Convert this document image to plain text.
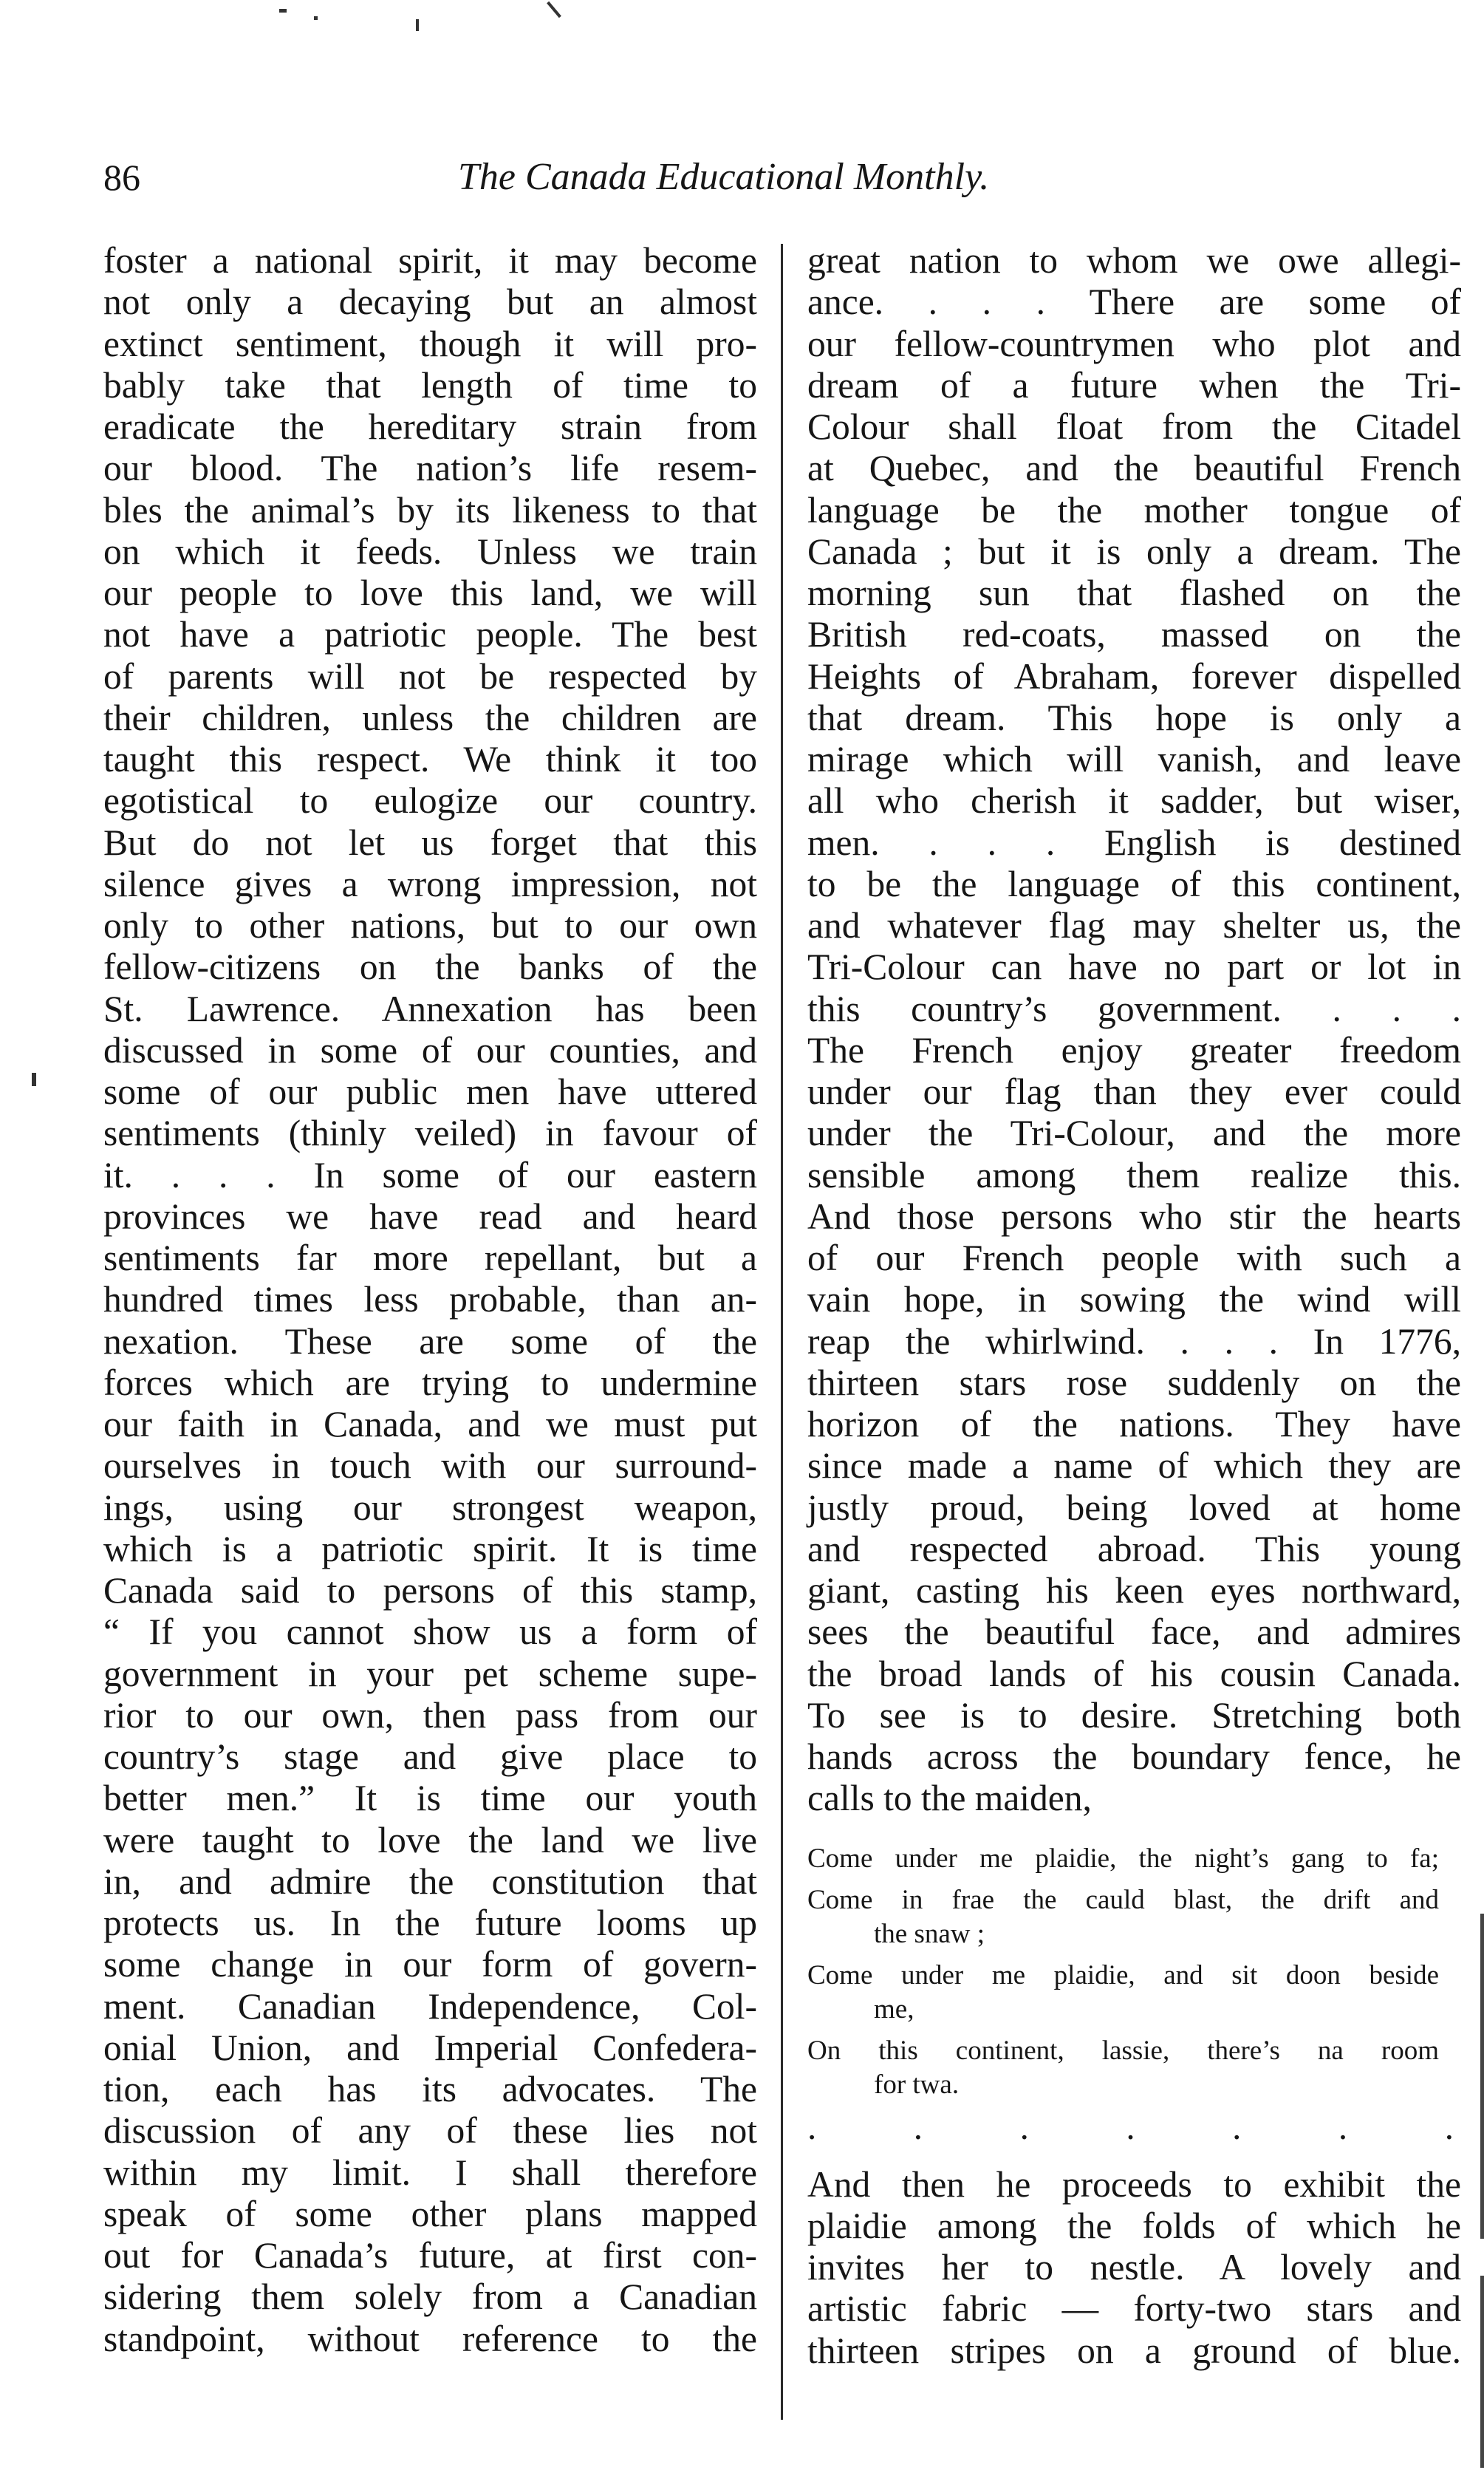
86	The Canada Educational Monthly.
foster a national spirit, it may become
not only a decaying but an almost
extinct sentiment, though it will pro-
bably take that length of time to
eradicate the hereditary strain from
our blood. The nation’s life resem-
bles the animal’s by its likeness to that
on which it feeds. Unless we train
our people to love this land, we will
not have a patriotic people. The best
of parents will not be respected by
their children, unless the children are
taught this respect. We think it too
egotistical to eulogize our country.
But do not let us forget that this
silence gives a wrong impression, not
only to other nations, but to our own
fellow-citizens on the banks of the
St. Lawrence. Annexation has been
discussed in some of our counties, and
some of our public men have uttered
sentiments (thinly veiled) in favour of
it. . . . In some of our eastern
provinces we have read and heard
sentiments far more repellant, but a
hundred times less probable, than an-
nexation. These are some of the
forces which are trying to undermine
our faith in Canada, and we must put
ourselves in touch with our surround-
ings, using our strongest weapon,
which is a patriotic spirit. It is time
Canada said to persons of this stamp,
“ If you cannot show us a form of
government in your pet scheme supe-
rior to our own, then pass from our
country’s stage and give place to
better men.” It is time our youth
were taught to love the land we live
in, and admire the constitution that
protects us. In the future looms up
some change in our form of govern-
ment. Canadian Independence, Col-
onial Union, and Imperial Confedera-
tion, each has its advocates. The
discussion of any of these lies not
within my limit. I shall therefore
speak of some other plans mapped
out for Canada’s future, at first con-
sidering them solely from a Canadian
standpoint, without reference to the
great nation to whom we owe allegi-
ance. . . . There are some of
our fellow-countrymen who plot and
dream of a future when the Tri-
Colour shall float from the Citadel
at Quebec, and the beautiful French
language be the mother tongue of
Canada ; but it is only a dream. The
morning sun that flashed on the
British red-coats, massed on the
Heights of Abraham, forever dispelled
that dream. This hope is only a
mirage which will vanish, and leave
all who cherish it sadder, but wiser,
men. . . . English is destined
to be the language of this continent,
and whatever flag may shelter us, the
Tri-Colour can have no part or lot in
this country’s government. . . .
The French enjoy greater freedom
under our flag than they ever could
under the Tri-Colour, and the more
sensible among them realize this.
And those persons who stir the hearts
of our French people with such a
vain hope, in sowing the wind will
reap the whirlwind. . . . In 1776,
thirteen stars rose suddenly on the
horizon of the nations. They have
since made a name of which they are
justly proud, being loved at home
and respected abroad. This young
giant, casting his keen eyes northward,
sees the beautiful face, and admires
the broad lands of his cousin Canada.
To see is to desire. Stretching both
hands across the boundary fence, he
calls to the maiden,
Come under me plaidie, the night’s gang to fa;
Come in frae the cauld blast, the drift and
the snaw ;
Come under me plaidie, and sit doon beside
me,
On this continent, lassie, there’s na room
for twa.
.	.	.	.	.	.	.
And then he proceeds to exhibit the
plaidie among the folds of which he
invites her to nestle. A lovely and
artistic fabric — forty-two stars and
thirteen stripes on a ground of blue.
